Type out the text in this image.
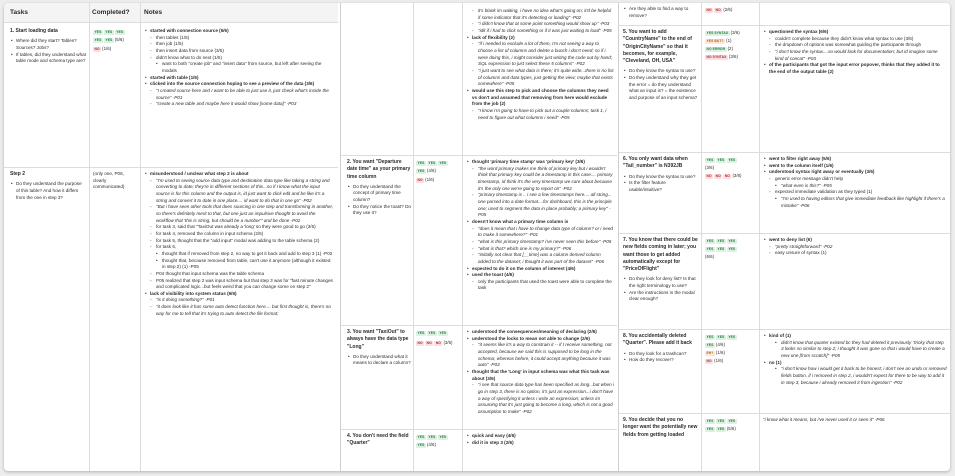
Tasks	Completed? Notes
1. Start loading data
• Where did they start? Tables? Sources? Jobs?
• If tables, did they understand what table mode and schema type are?
YES YES YES
YES YES (5/6)
NO (1/6)
• started with connection source (5/6)
◦ then tables (1/5)
◦ then job (1/5)
◦ then insert data from source (3/5)
◦ didn't know what to do next (1/5)
• want to both "create job" and "insert data" from source, but left after seeing the modals
• started with table (1/6)
• clicked into the source connection hoping to see a preview of the data (3/6)
◦ "I created source here and I want to be able to just use it, just check what's inside the source" -P01
◦ "create a new table and maybe here it would show [some data]" -P03
Step 2
• Do they understand the purpose of this table? And how it differs from the one in step 3?
(only one, P06, clearly communicated)
• misunderstood / unclear what step 2 is about
◦ "I'm used to seeing source data type and destination data type like taking a string and converting to date; they're in different sections of this...so if I know what the input source is for this column and the output is, id just want to click edit and be like it's a string and convert it to date in one place.... id want to do that in one go" -P02
◦ "But i have seen other tools that does sourcing in one step and transforming in another, so there's definitely merit to that, but one just an impulsive thought to avoid the workflow that 'this is string, but should be a number'" and be done -P02
◦ for task 3, said that "TaxiOut was already a 'long' so they were good to go (3/6)
◦ for task 4, removed the column in input schema (2/6)
◦ for task 5, thought that the "add input" modal was adding to the table schema (2)
◦ for task 6,
• thought that if removed from step 2, no way to get it back and add to step 3 (1) -P02
• thought that, because removed from table, can't use it anymore (although it existed in step 2) (1) -P05
◦ P04 thought that input schema was the table schema
◦ P05 realized that step 2 was input schema but that step 3 was for "fast minute changes and complicated logic...but feels weird that you can change some on step 2"
• lack of visibility into system status (6/6)
◦ "is it doing something?" -P01
◦ "it does look like it has some auto detect function here.... but first thought is, there's no way for me to tell that it's trying to auto detect the file format;
◦ it's blank im waiting, i have no idea what's going on; it'd be helpful if some indicator that it's detecting or loading" -P02
◦ "i didn't know that at some point something would show up" -P03
◦ "idk if i had to click something or if it was just waiting to load" -P05
• lack of flexibility (2)
◦ "if i needed to exclude a lot of them, I'm not seeing a way to choose a list of columns and delete a bunch i don't need; so if i were doing this, i might consider just writing the code out by hand; SQL expression to just select these 5 columns" -P02
◦ "i just want to see what data is there; it's quite wide...there is no list of columns and data types, just getting the view; maybe that exists somewhere" -P05
• would use this step to pick and choose the columns they need vs don't and assumed that removing from here would exclude from the job (2)
◦ "I know i'm going to have to pick out a couple columns; task 1, i need to figure out what columns i need" -P05
2. You want "Departure date time" as your primary time column
• Do they understand the concept of primary time column?
• Do they notice the toast? Do they use it?
YES YES YES
YES (4/6)
NO (1/6)
• thought 'primary time stamp' was 'primary key' (3/6)
◦ "the word primary makes me think of primary key but i wouldn't think that primary key could be a timestamp in this case.... primary timestamp, id think it's the very timestamp we care about because it's the only one we're going to report on" -P02
◦ "primary timestamp is .. i see a few timestamps here.... all string... one parsed into a date format....for dashboard, this is the principle one; used to segment the data in place probably; a primary key" -P05
• doesn't know what a primary time column is
◦ "does it mean that i have to change data type of column? or i need to make it somewhere?" -P01
◦ "what is this primary timestamp? i've never seen this before" -P05
◦ "what is that? which one is my primary?" -P06
◦ "initially not clear that [__time] was a column derived column added to the dataset; i thought it was part of the dataset" -P06
• expected to do it on the column of interest (4/6)
• used the toast (4/6)
◦ only the participants that used the toast were able to complete the task
3. You want "TaxiOut" to always have the data type "Long"
• Do they understand what it means to declare a column?
YES YES YES
NO NO NO (3/6)
• understood the consequences/meaning of declaring (2/6)
• understood the locks to mean not able to change (2/6)
◦ "it seems like it's a way to constrain it -- if I receive something, not accepted, because we said this is supposed to be long in the schema; whereas before, it could accept anything because it was auto" -P03
• thought that the 'Long' in input schema was what this task was about (3/6)
◦ "i see that source data type has been specified as long...but when i go in step 3, there is no option, it's just an expression...i don't have a way of specifying it unless i write an expression; unless im assuming that it's just going to become a long, which is not a good assumption to make" -P02
4. You don't need the field "Quarter"
YES YES YES
YES (4/6)
• quick and easy (4/6)
• did it in step 3 (2/6)
• Are they able to find a way to remove?
NO NO (2/6)
5. You want to add "CountryName" to the end of "OriginCityName" so that it becomes, for example, "Cleveland, OH, USA"
• Do they know the syntax to use?
• Do they understand why they get the error = do they understand what an input is? = the existence and purpose of an input schema?
YES SYNTAX (3/6)
YES BUT? (1)
NO ERROR (2)
NO SYNTAX (3/6)
• questioned the syntax (6/6)
◦ couldn't complete because they didn't know what syntax to use (3/6)
◦ the dropdown of options was somewhat guiding the participants through
◦ "i don't know the syntax....so would look for documentation; but id imagine some kind of concat" -P03
• of the participants that got the input error popover, thinks that they added it to the end of the output table (2)
6. You only want data when "Tail_number" is N392JB
• Do they know the syntax to use?
• Is the filter feature usable/intuitive?
YES YES YES
(3/6)
NO NO NO (3/6)
• went to filter right away (5/6)
• went to the column itself (1/6)
• understood syntax right away or eventually (3/6)
◦ generic error message didn't help
• "what even is this?" -P05
◦ expected immediate validation as they typed (1)
• "I'm used to having editors that give immediate feedback like highlight if there's a mistake" -P06
7. You know that there could be new fields coming in later; you want those to get added automatically except for "PriceOfFlight"
• Do they look for deny list? Is that the right terminology to use?
• Are the instructions in the modal clear enough?
YES YES YES
YES YES YES
(6/6)
• went to deny list (6)
◦ "pretty straightforward" -P02
◦ easy unsure of syntax (1)
8. You accidentally deleted "Quarter". Please add it back
• Do they look for a trashcan?
• How do they recover?
YES YES YES
YES (4/6)
EH? (1/6)
NO (1/6)
• kind of (1)
• didn't know that quarter existed bc they had deleted it previously "tricky that step 3 looks so similar to step 2; i thought it was gone so that i would have to create a new one [from scratch]" -P05
• no (1)
• "i don't know how i would get it back to be honest; i don't see an undo or removed fields button. if i removed in step 2, i wouldn't expect for there to be way to add it in step 3, because i already removed it from ingestion" -P02
9. You decide that you no longer want the potentially new fields from getting loaded
YES YES YES
YES YES (5/6)
"i know what it means, but i've never used it or seen it" -P06
